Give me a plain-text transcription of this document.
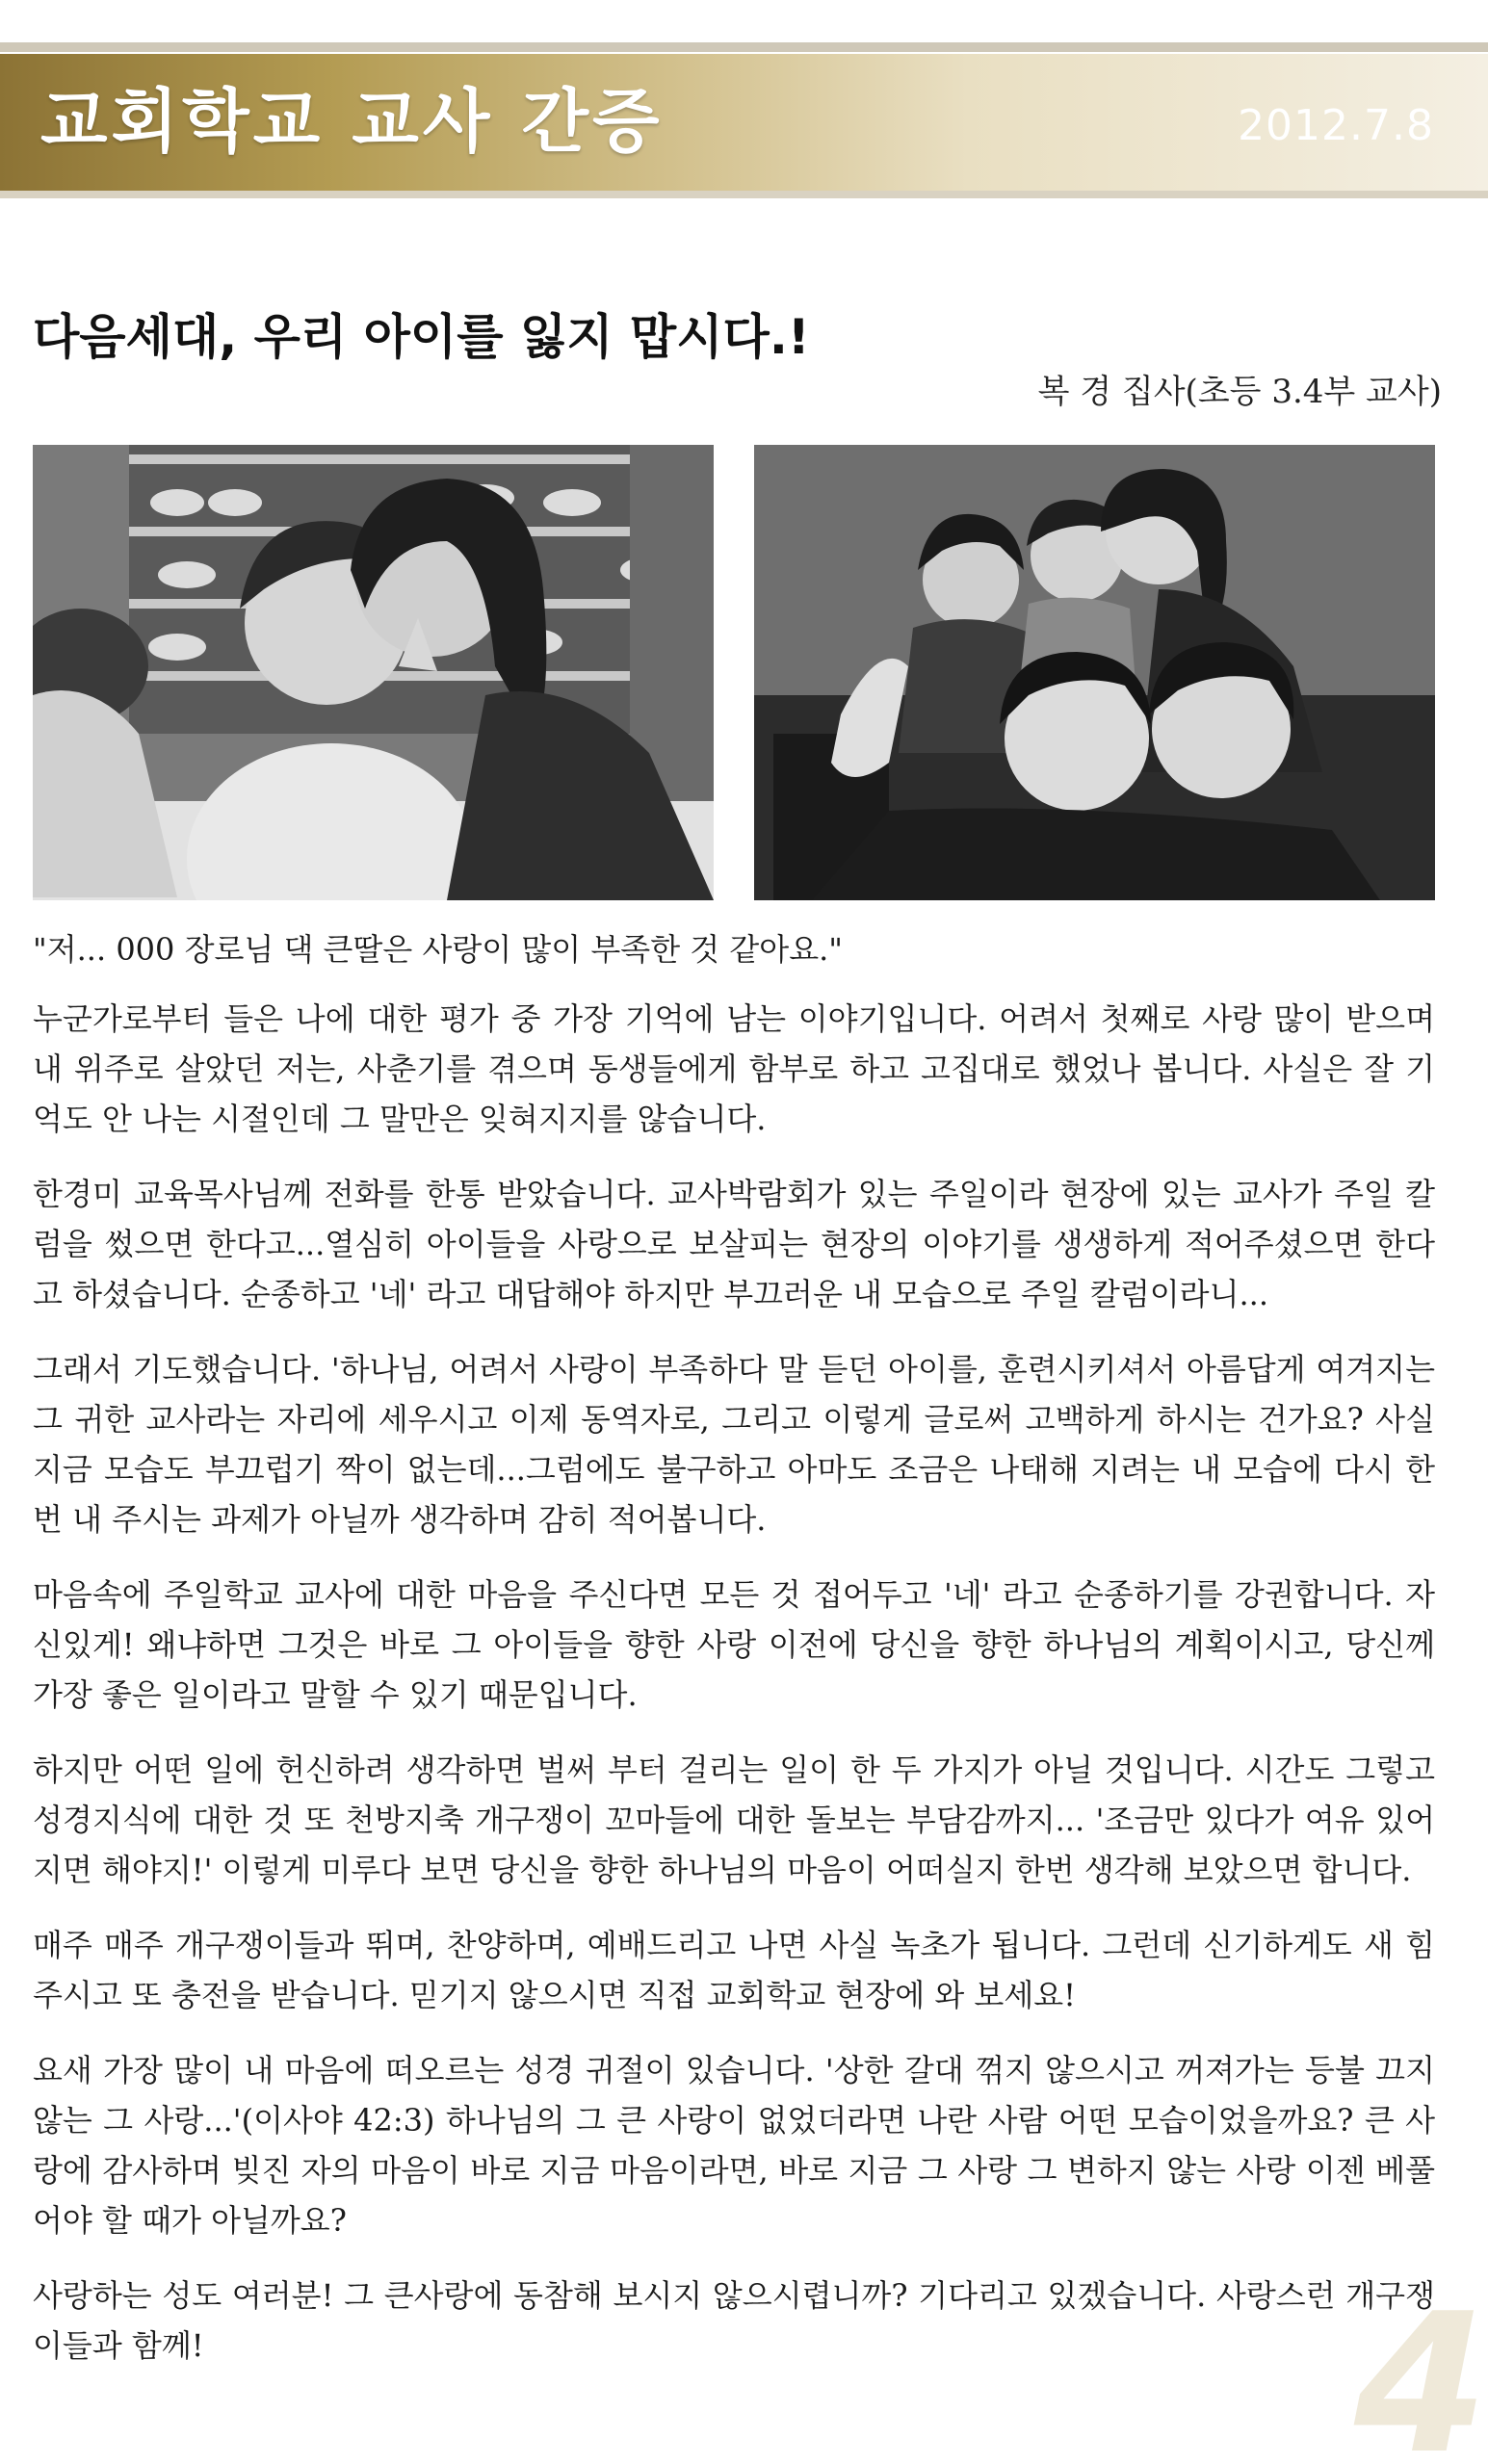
교회학교 교사 간증	2012.7.8
다음세대, 우리 아이를 잃지 맙시다.!
복 경 집사(초등 3.4부 교사)

"저... 000 장로님 댁 큰딸은 사랑이 많이 부족한 것 같아요."

누군가로부터 들은 나에 대한 평가 중 가장 기억에 남는 이야기입니다. 어려서 첫째로 사랑 많이 받으며 내 위주로 살았던 저는, 사춘기를 겪으며 동생들에게 함부로 하고 고집대로 했었나 봅니다. 사실은 잘 기억도 안 나는 시절인데 그 말만은 잊혀지지를 않습니다.

한경미 교육목사님께 전화를 한통 받았습니다. 교사박람회가 있는 주일이라 현장에 있는 교사가 주일 칼럼을 썼으면 한다고...열심히 아이들을 사랑으로 보살피는 현장의 이야기를 생생하게 적어주셨으면 한다고 하셨습니다. 순종하고 '네' 라고 대답해야 하지만 부끄러운 내 모습으로 주일 칼럼이라니...

그래서 기도했습니다. '하나님, 어려서 사랑이 부족하다 말 듣던 아이를, 훈련시키셔서 아름답게 여겨지는 그 귀한 교사라는 자리에 세우시고 이제 동역자로, 그리고 이렇게 글로써 고백하게 하시는 건가요? 사실 지금 모습도 부끄럽기 짝이 없는데...그럼에도 불구하고 아마도 조금은 나태해 지려는 내 모습에 다시 한번 내 주시는 과제가 아닐까 생각하며 감히 적어봅니다.

마음속에 주일학교 교사에 대한 마음을 주신다면 모든 것 접어두고 '네' 라고 순종하기를 강권합니다. 자신있게! 왜냐하면 그것은 바로 그 아이들을 향한 사랑 이전에 당신을 향한 하나님의 계획이시고, 당신께 가장 좋은 일이라고 말할 수 있기 때문입니다.

하지만 어떤 일에 헌신하려 생각하면 벌써 부터 걸리는 일이 한 두 가지가 아닐 것입니다. 시간도 그렇고 성경지식에 대한 것 또 천방지축 개구쟁이 꼬마들에 대한 돌보는 부담감까지... '조금만 있다가 여유 있어지면 해야지!' 이렇게 미루다 보면 당신을 향한 하나님의 마음이 어떠실지 한번 생각해 보았으면 합니다.

매주 매주 개구쟁이들과 뛰며, 찬양하며, 예배드리고 나면 사실 녹초가 됩니다. 그런데 신기하게도 새 힘 주시고 또 충전을 받습니다. 믿기지 않으시면 직접 교회학교 현장에 와 보세요!

요새 가장 많이 내 마음에 떠오르는 성경 귀절이 있습니다. '상한 갈대 꺾지 않으시고 꺼져가는 등불 끄지 않는 그 사랑...'(이사야 42:3) 하나님의 그 큰 사랑이 없었더라면 나란 사람 어떤 모습이었을까요? 큰 사랑에 감사하며 빚진 자의 마음이 바로 지금 마음이라면, 바로 지금 그 사랑 그 변하지 않는 사랑 이젠 베풀어야 할 때가 아닐까요?

사랑하는 성도 여러분! 그 큰사랑에 동참해 보시지 않으시렵니까? 기다리고 있겠습니다. 사랑스런 개구쟁이들과 함께!	4
